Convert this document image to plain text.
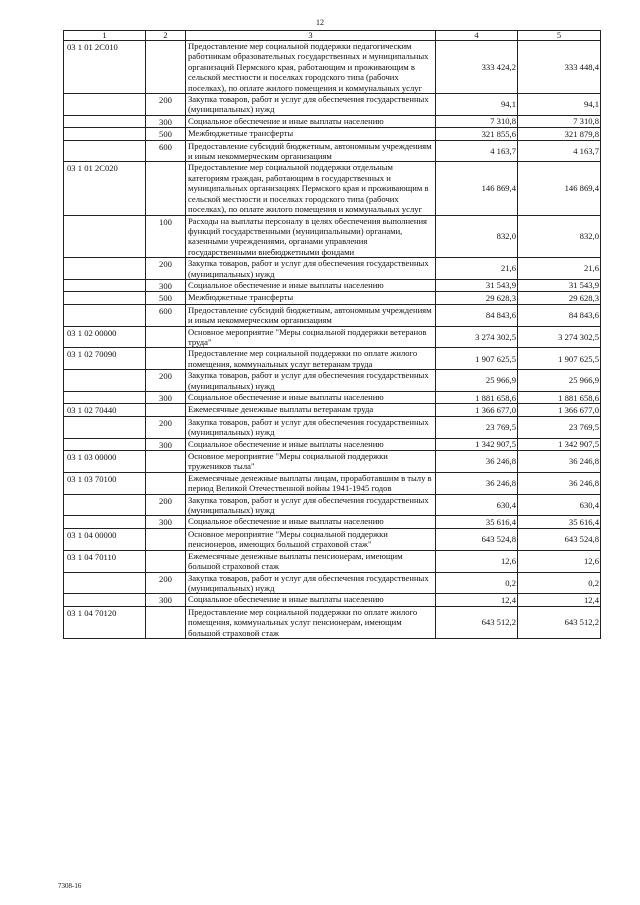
12
1	2	3	4	5
03 1 01 2C010		Предоставление мер социальной поддержки педагогическим работникам образовательных государственных и муниципальных организаций Пермского края, работающим и проживающим в сельской местности и поселках городского типа (рабочих поселках), по оплате жилого помещения и коммунальных услуг	333 424,2	333 448,4
	200	Закупка товаров, работ и услуг для обеспечения государственных (муниципальных) нужд	94,1	94,1
	300	Социальное обеспечение и иные выплаты населению	7 310,8	7 310,8
	500	Межбюджетные трансферты	321 855,6	321 879,8
	600	Предоставление субсидий бюджетным, автономным учреждениям и иным некоммерческим организациям	4 163,7	4 163,7
03 1 01 2C020		Предоставление мер социальной поддержки отдельным категориям граждан, работающим в государственных и муниципальных организациях Пермского края и проживающим в сельской местности и поселках городского типа (рабочих поселках), по оплате жилого помещения и коммунальных услуг	146 869,4	146 869,4
	100	Расходы на выплаты персоналу в целях обеспечения выполнения функций государственными (муниципальными) органами, казенными учреждениями, органами управления государственными внебюджетными фондами	832,0	832,0
	200	Закупка товаров, работ и услуг для обеспечения государственных (муниципальных) нужд	21,6	21,6
	300	Социальное обеспечение и иные выплаты населению	31 543,9	31 543,9
	500	Межбюджетные трансферты	29 628,3	29 628,3
	600	Предоставление субсидий бюджетным, автономным учреждениям и иным некоммерческим организациям	84 843,6	84 843,6
03 1 02 00000		Основное мероприятие "Меры социальной поддержки ветеранов труда"	3 274 302,5	3 274 302,5
03 1 02 70090		Предоставление мер социальной поддержки по оплате жилого помещения, коммунальных услуг ветеранам труда	1 907 625,5	1 907 625,5
	200	Закупка товаров, работ и услуг для обеспечения государственных (муниципальных) нужд	25 966,9	25 966,9
	300	Социальное обеспечение и иные выплаты населению	1 881 658,6	1 881 658,6
03 1 02 70440		Ежемесячные денежные выплаты ветеранам труда	1 366 677,0	1 366 677,0
	200	Закупка товаров, работ и услуг для обеспечения государственных (муниципальных) нужд	23 769,5	23 769,5
	300	Социальное обеспечение и иные выплаты населению	1 342 907,5	1 342 907,5
03 1 03 00000		Основное мероприятие "Меры социальной поддержки тружеников тыла"	36 246,8	36 246,8
03 1 03 70100		Ежемесячные денежные выплаты лицам, проработавшим в тылу в период Великой Отечественной войны 1941-1945 годов	36 246,8	36 246,8
	200	Закупка товаров, работ и услуг для обеспечения государственных (муниципальных) нужд	630,4	630,4
	300	Социальное обеспечение и иные выплаты населению	35 616,4	35 616,4
03 1 04 00000		Основное мероприятие "Меры социальной поддержки пенсионеров, имеющих большой страховой стаж"	643 524,8	643 524,8
03 1 04 70110		Ежемесячные денежные выплаты пенсионерам, имеющим большой страховой стаж	12,6	12,6
	200	Закупка товаров, работ и услуг для обеспечения государственных (муниципальных) нужд	0,2	0,2
	300	Социальное обеспечение и иные выплаты населению	12,4	12,4
03 1 04 70120		Предоставление мер социальной поддержки по оплате жилого помещения, коммунальных услуг пенсионерам, имеющим большой страховой стаж	643 512,2	643 512,2
7308-16
